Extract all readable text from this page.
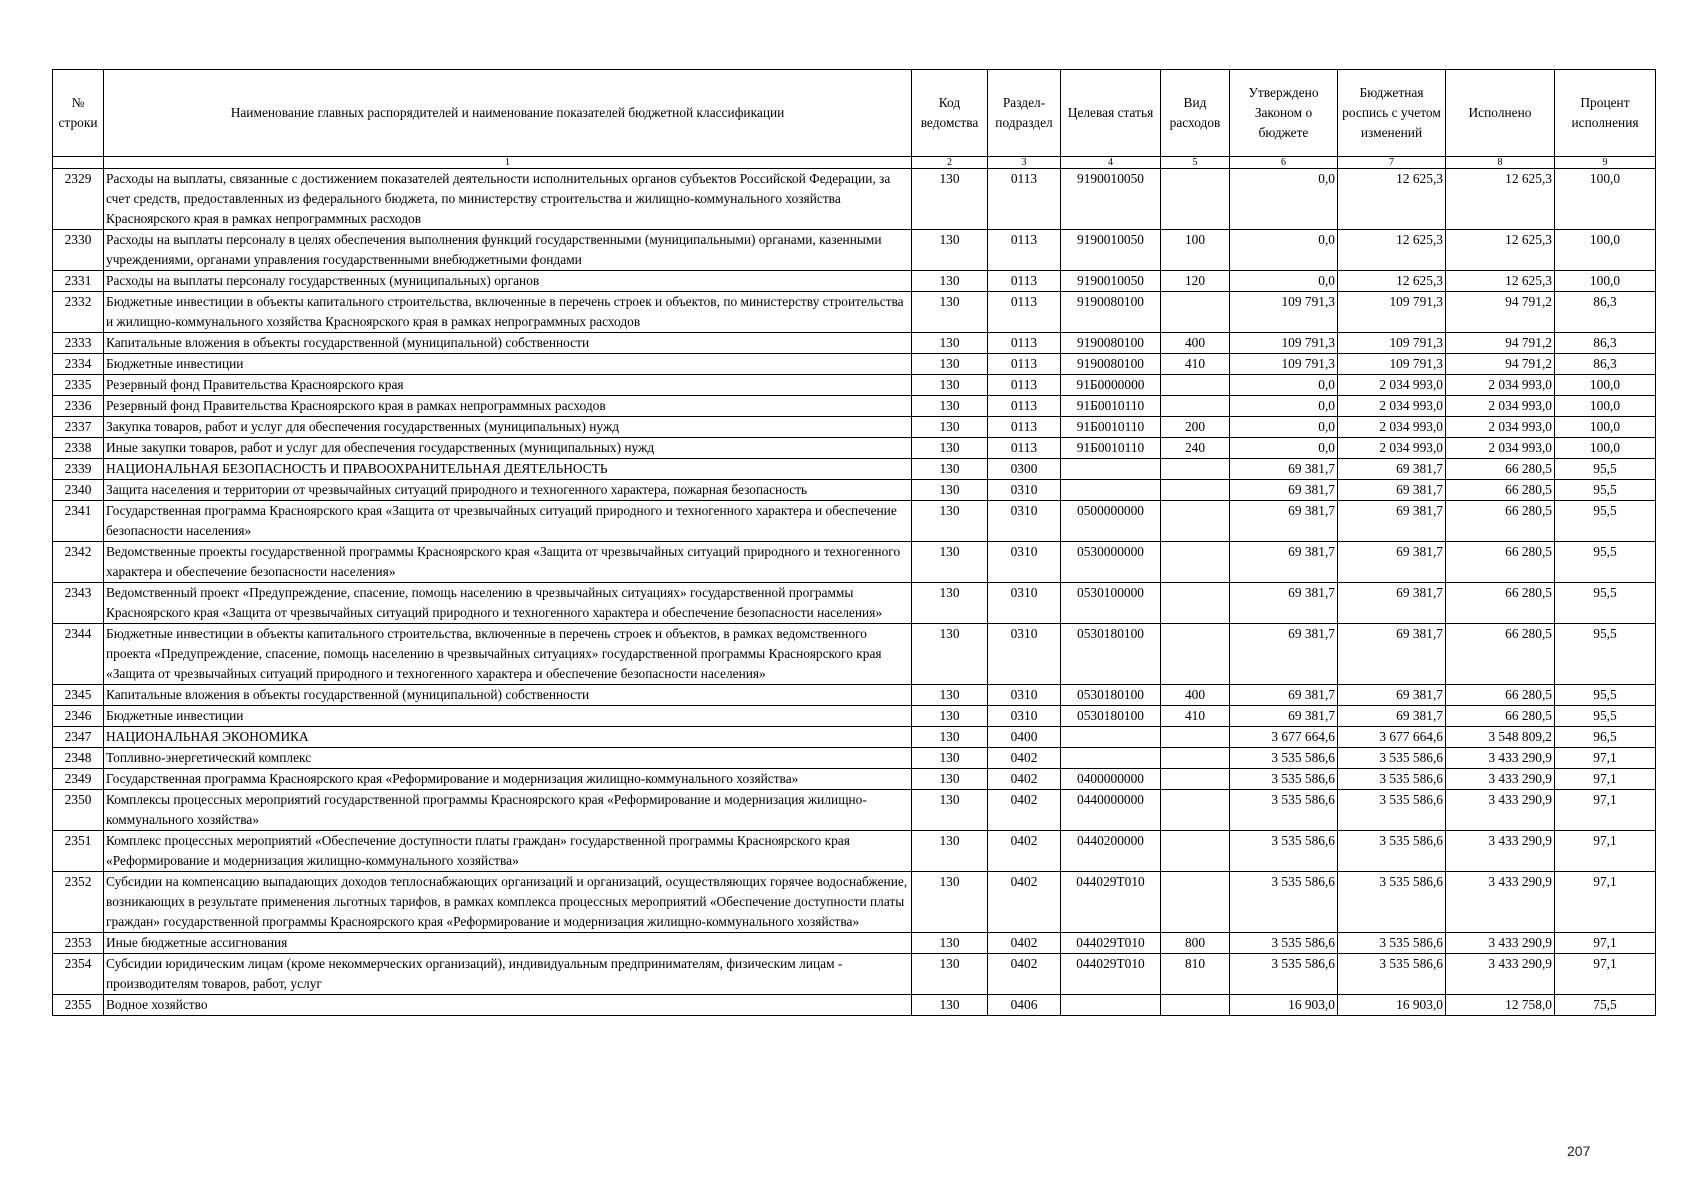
№ строки	Наименование главных распорядителей и наименование показателей бюджетной классификации	Код ведомства	Раздел-подраздел	Целевая статья	Вид расходов	Утверждено Законом о бюджете	Бюджетная роспись с учетом изменений	Исполнено	Процент исполнения
	1	2	3	4	5	6	7	8	9
2329	Расходы на выплаты, связанные с достижением показателей деятельности исполнительных органов субъектов Российской Федерации, за счет средств, предоставленных из федерального бюджета, по министерству строительства и жилищно-коммунального хозяйства Красноярского края в рамках непрограммных расходов	130	0113	9190010050		0,0	12 625,3	12 625,3	100,0
2330	Расходы на выплаты персоналу в целях обеспечения выполнения функций государственными (муниципальными) органами, казенными учреждениями, органами управления государственными внебюджетными фондами	130	0113	9190010050	100	0,0	12 625,3	12 625,3	100,0
2331	Расходы на выплаты персоналу государственных (муниципальных) органов	130	0113	9190010050	120	0,0	12 625,3	12 625,3	100,0
2332	Бюджетные инвестиции в объекты капитального строительства, включенные в перечень строек и объектов, по министерству строительства и жилищно-коммунального хозяйства Красноярского края в рамках непрограммных расходов	130	0113	9190080100		109 791,3	109 791,3	94 791,2	86,3
2333	Капитальные вложения в объекты государственной (муниципальной) собственности	130	0113	9190080100	400	109 791,3	109 791,3	94 791,2	86,3
2334	Бюджетные инвестиции	130	0113	9190080100	410	109 791,3	109 791,3	94 791,2	86,3
2335	Резервный фонд Правительства Красноярского края	130	0113	91Б0000000		0,0	2 034 993,0	2 034 993,0	100,0
2336	Резервный фонд Правительства Красноярского края в рамках непрограммных расходов	130	0113	91Б0010110		0,0	2 034 993,0	2 034 993,0	100,0
2337	Закупка товаров, работ и услуг для обеспечения государственных (муниципальных) нужд	130	0113	91Б0010110	200	0,0	2 034 993,0	2 034 993,0	100,0
2338	Иные закупки товаров, работ и услуг для обеспечения государственных (муниципальных) нужд	130	0113	91Б0010110	240	0,0	2 034 993,0	2 034 993,0	100,0
2339	НАЦИОНАЛЬНАЯ БЕЗОПАСНОСТЬ И ПРАВООХРАНИТЕЛЬНАЯ ДЕЯТЕЛЬНОСТЬ	130	0300			69 381,7	69 381,7	66 280,5	95,5
2340	Защита населения и территории от чрезвычайных ситуаций природного и техногенного характера, пожарная безопасность	130	0310			69 381,7	69 381,7	66 280,5	95,5
2341	Государственная программа Красноярского края «Защита от чрезвычайных ситуаций природного и техногенного характера и обеспечение безопасности населения»	130	0310	0500000000		69 381,7	69 381,7	66 280,5	95,5
2342	Ведомственные проекты государственной программы Красноярского края «Защита от чрезвычайных ситуаций природного и техногенного характера и обеспечение безопасности населения»	130	0310	0530000000		69 381,7	69 381,7	66 280,5	95,5
2343	Ведомственный проект «Предупреждение, спасение, помощь населению в чрезвычайных ситуациях» государственной программы Красноярского края «Защита от чрезвычайных ситуаций природного и техногенного характера и обеспечение безопасности населения»	130	0310	0530100000		69 381,7	69 381,7	66 280,5	95,5
2344	Бюджетные инвестиции в объекты капитального строительства, включенные в перечень строек и объектов, в рамках ведомственного проекта «Предупреждение, спасение, помощь населению в чрезвычайных ситуациях» государственной программы Красноярского края «Защита от чрезвычайных ситуаций природного и техногенного характера и обеспечение безопасности населения»	130	0310	0530180100		69 381,7	69 381,7	66 280,5	95,5
2345	Капитальные вложения в объекты государственной (муниципальной) собственности	130	0310	0530180100	400	69 381,7	69 381,7	66 280,5	95,5
2346	Бюджетные инвестиции	130	0310	0530180100	410	69 381,7	69 381,7	66 280,5	95,5
2347	НАЦИОНАЛЬНАЯ ЭКОНОМИКА	130	0400			3 677 664,6	3 677 664,6	3 548 809,2	96,5
2348	Топливно-энергетический комплекс	130	0402			3 535 586,6	3 535 586,6	3 433 290,9	97,1
2349	Государственная программа Красноярского края «Реформирование и модернизация жилищно-коммунального хозяйства»	130	0402	0400000000		3 535 586,6	3 535 586,6	3 433 290,9	97,1
2350	Комплексы процессных мероприятий государственной программы Красноярского края «Реформирование и модернизация жилищно-коммунального хозяйства»	130	0402	0440000000		3 535 586,6	3 535 586,6	3 433 290,9	97,1
2351	Комплекс процессных мероприятий «Обеспечение доступности платы граждан» государственной программы Красноярского края «Реформирование и модернизация жилищно-коммунального хозяйства»	130	0402	0440200000		3 535 586,6	3 535 586,6	3 433 290,9	97,1
2352	Субсидии на компенсацию выпадающих доходов теплоснабжающих организаций и организаций, осуществляющих горячее водоснабжение, возникающих в результате применения льготных тарифов, в рамках комплекса процессных мероприятий «Обеспечение доступности платы граждан» государственной программы Красноярского края «Реформирование и модернизация жилищно-коммунального хозяйства»	130	0402	044029Т010		3 535 586,6	3 535 586,6	3 433 290,9	97,1
2353	Иные бюджетные ассигнования	130	0402	044029Т010	800	3 535 586,6	3 535 586,6	3 433 290,9	97,1
2354	Субсидии юридическим лицам (кроме некоммерческих организаций), индивидуальным предпринимателям, физическим лицам - производителям товаров, работ, услуг	130	0402	044029Т010	810	3 535 586,6	3 535 586,6	3 433 290,9	97,1
2355	Водное хозяйство	130	0406			16 903,0	16 903,0	12 758,0	75,5
207
